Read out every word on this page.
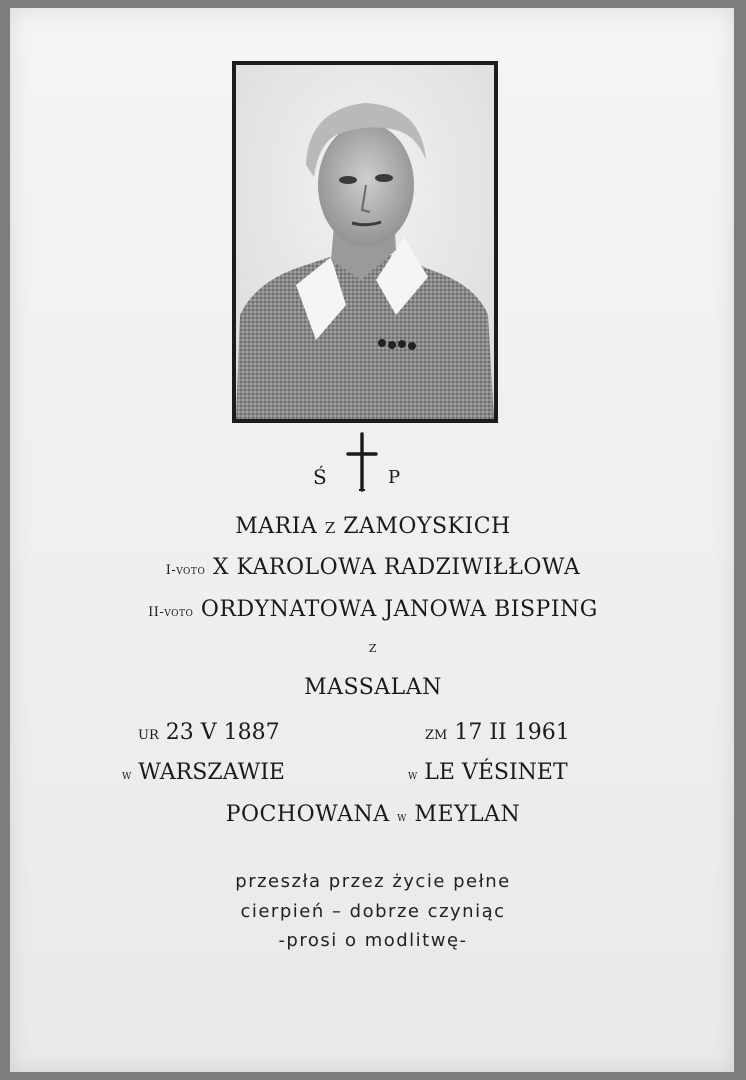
Ś	P
MARIA z ZAMOYSKICH
I-voto X KAROLOWA RADZIWIŁŁOWA
II-voto ORDYNATOWA JANOWA BISPING
z
MASSALAN
UR 23 V 1887	ZM 17 II 1961
w WARSZAWIE	w LE VÉSINET
POCHOWANA w MEYLAN
przeszła przez życie pełne
cierpień – dobrze czyniąc
-prosi o modlitwę-
